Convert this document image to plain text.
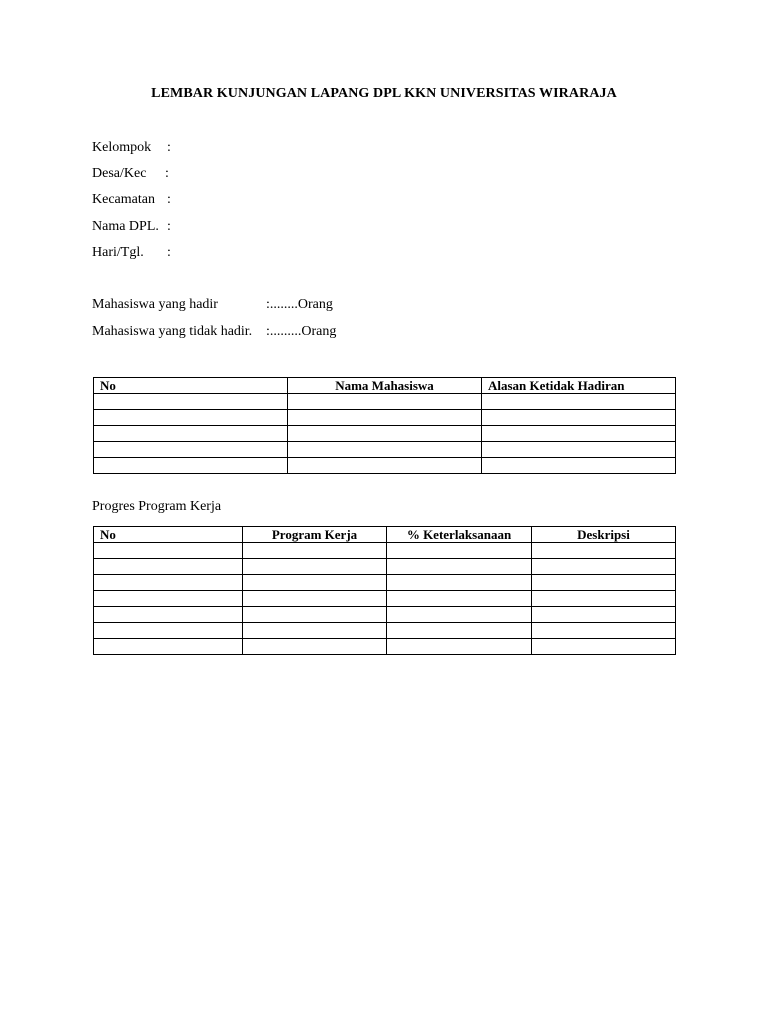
LEMBAR KUNJUNGAN LAPANG DPL KKN UNIVERSITAS WIRARAJA
Kelompok :
Desa/Kec :
Kecamatan :
Nama DPL. :
Hari/Tgl. :
Mahasiswa yang hadir	:........Orang
Mahasiswa yang tidak hadir. :.........Orang
No	Nama Mahasiswa	Alasan Ketidak Hadiran

Progres Program Kerja
No	Program Kerja	% Keterlaksanaan	Deskripsi
